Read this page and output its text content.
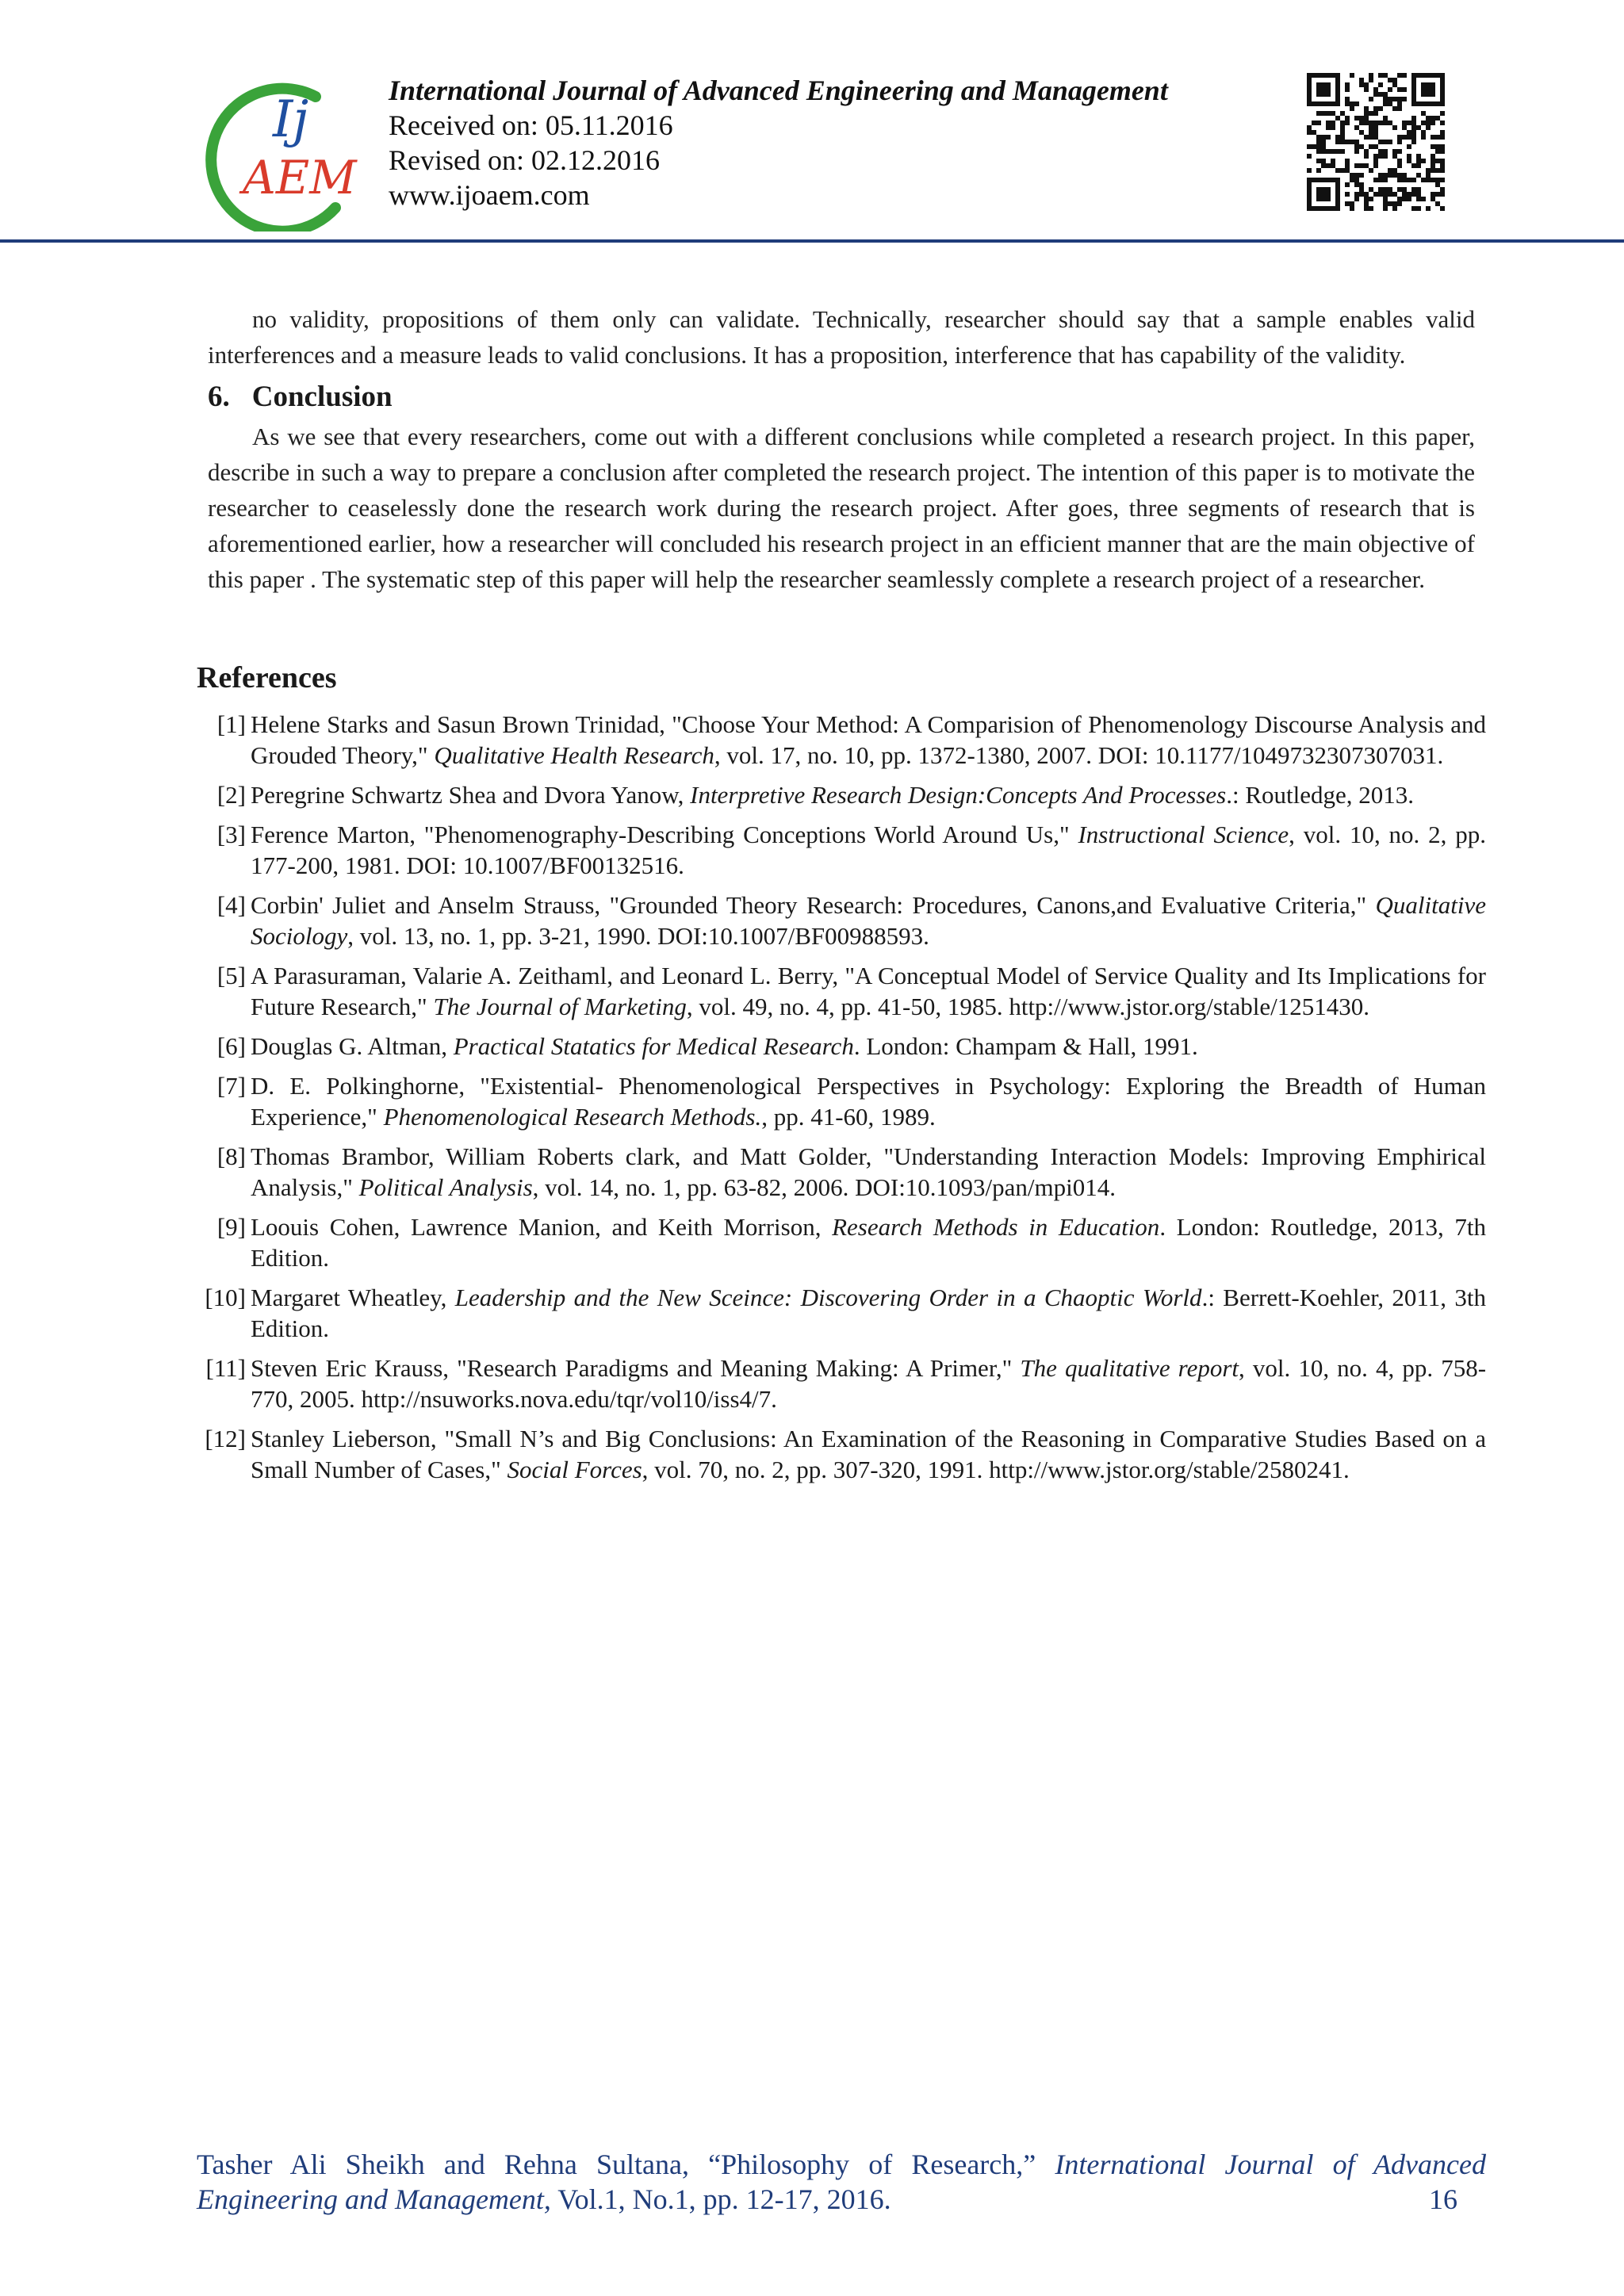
Ij
AEM
International Journal of Advanced Engineering and Management
Received on: 05.11.2016
Revised on: 02.12.2016
www.ijoaem.com

no validity, propositions of them only can validate. Technically, researcher should say that a sample enables valid interferences and a measure leads to valid conclusions. It has a proposition, interference that has capability of the validity.

6. Conclusion

As we see that every researchers, come out with a different conclusions while completed a research project. In this paper, describe in such a way to prepare a conclusion after completed the research project. The intention of this paper is to motivate the researcher to ceaselessly done the research work during the research project. After goes, three segments of research that is aforementioned earlier, how a researcher will concluded his research project in an efficient manner that are the main objective of this paper . The systematic step of this paper will help the researcher seamlessly complete a research project of a researcher.

References
[1] Helene Starks and Sasun Brown Trinidad, "Choose Your Method: A Comparision of Phenomenology Discourse Analysis and Grouded Theory," Qualitative Health Research, vol. 17, no. 10, pp. 1372-1380, 2007. DOI: 10.1177/1049732307307031.
[2] Peregrine Schwartz Shea and Dvora Yanow, Interpretive Research Design:Concepts And Processes.: Routledge, 2013.
[3] Ference Marton, "Phenomenography-Describing Conceptions World Around Us," Instructional Science, vol. 10, no. 2, pp. 177-200, 1981. DOI: 10.1007/BF00132516.
[4] Corbin' Juliet and Anselm Strauss, "Grounded Theory Research: Procedures, Canons,and Evaluative Criteria," Qualitative Sociology, vol. 13, no. 1, pp. 3-21, 1990. DOI:10.1007/BF00988593.
[5] A Parasuraman, Valarie A. Zeithaml, and Leonard L. Berry, "A Conceptual Model of Service Quality and Its Implications for Future Research," The Journal of Marketing, vol. 49, no. 4, pp. 41-50, 1985. http://www.jstor.org/stable/1251430.
[6] Douglas G. Altman, Practical Statatics for Medical Research. London: Champam & Hall, 1991.
[7] D. E. Polkinghorne, "Existential- Phenomenological Perspectives in Psychology: Exploring the Breadth of Human Experience," Phenomenological Research Methods., pp. 41-60, 1989.
[8] Thomas Brambor, William Roberts clark, and Matt Golder, "Understanding Interaction Models: Improving Emphirical Analysis," Political Analysis, vol. 14, no. 1, pp. 63-82, 2006. DOI:10.1093/pan/mpi014.
[9] Loouis Cohen, Lawrence Manion, and Keith Morrison, Research Methods in Education. London: Routledge, 2013, 7th Edition.
[10] Margaret Wheatley, Leadership and the New Sceince: Discovering Order in a Chaoptic World.: Berrett-Koehler, 2011, 3th Edition.
[11] Steven Eric Krauss, "Research Paradigms and Meaning Making: A Primer," The qualitative report, vol. 10, no. 4, pp. 758-770, 2005. http://nsuworks.nova.edu/tqr/vol10/iss4/7.
[12] Stanley Lieberson, "Small N’s and Big Conclusions: An Examination of the Reasoning in Comparative Studies Based on a Small Number of Cases," Social Forces, vol. 70, no. 2, pp. 307-320, 1991. http://www.jstor.org/stable/2580241.
Tasher Ali Sheikh and Rehna Sultana, “Philosophy of Research,” International Journal of Advanced
Engineering and Management, Vol.1, No.1, pp. 12-17, 2016.	16
